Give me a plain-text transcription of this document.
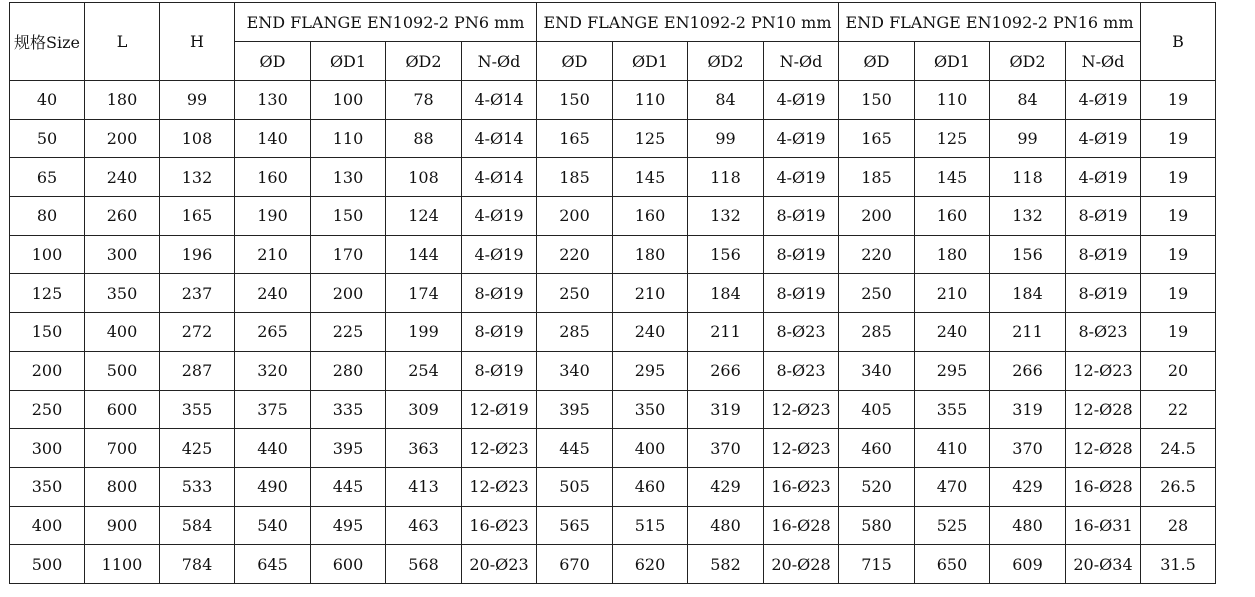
规格Size	L	H	END FLANGE EN1092-2 PN6 mm				END FLANGE EN1092-2 PN10 mm				END FLANGE EN1092-2 PN16 mm				B
			ØD	ØD1	ØD2	N-Ød	ØD	ØD1	ØD2	N-Ød	ØD	ØD1	ØD2	N-Ød	
40	180	99	130	100	78	4-Ø14	150	110	84	4-Ø19	150	110	84	4-Ø19	19
50	200	108	140	110	88	4-Ø14	165	125	99	4-Ø19	165	125	99	4-Ø19	19
65	240	132	160	130	108	4-Ø14	185	145	118	4-Ø19	185	145	118	4-Ø19	19
80	260	165	190	150	124	4-Ø19	200	160	132	8-Ø19	200	160	132	8-Ø19	19
100	300	196	210	170	144	4-Ø19	220	180	156	8-Ø19	220	180	156	8-Ø19	19
125	350	237	240	200	174	8-Ø19	250	210	184	8-Ø19	250	210	184	8-Ø19	19
150	400	272	265	225	199	8-Ø19	285	240	211	8-Ø23	285	240	211	8-Ø23	19
200	500	287	320	280	254	8-Ø19	340	295	266	8-Ø23	340	295	266	12-Ø23	20
250	600	355	375	335	309	12-Ø19	395	350	319	12-Ø23	405	355	319	12-Ø28	22
300	700	425	440	395	363	12-Ø23	445	400	370	12-Ø23	460	410	370	12-Ø28	24.5
350	800	533	490	445	413	12-Ø23	505	460	429	16-Ø23	520	470	429	16-Ø28	26.5
400	900	584	540	495	463	16-Ø23	565	515	480	16-Ø28	580	525	480	16-Ø31	28
500	1100	784	645	600	568	20-Ø23	670	620	582	20-Ø28	715	650	609	20-Ø34	31.5
